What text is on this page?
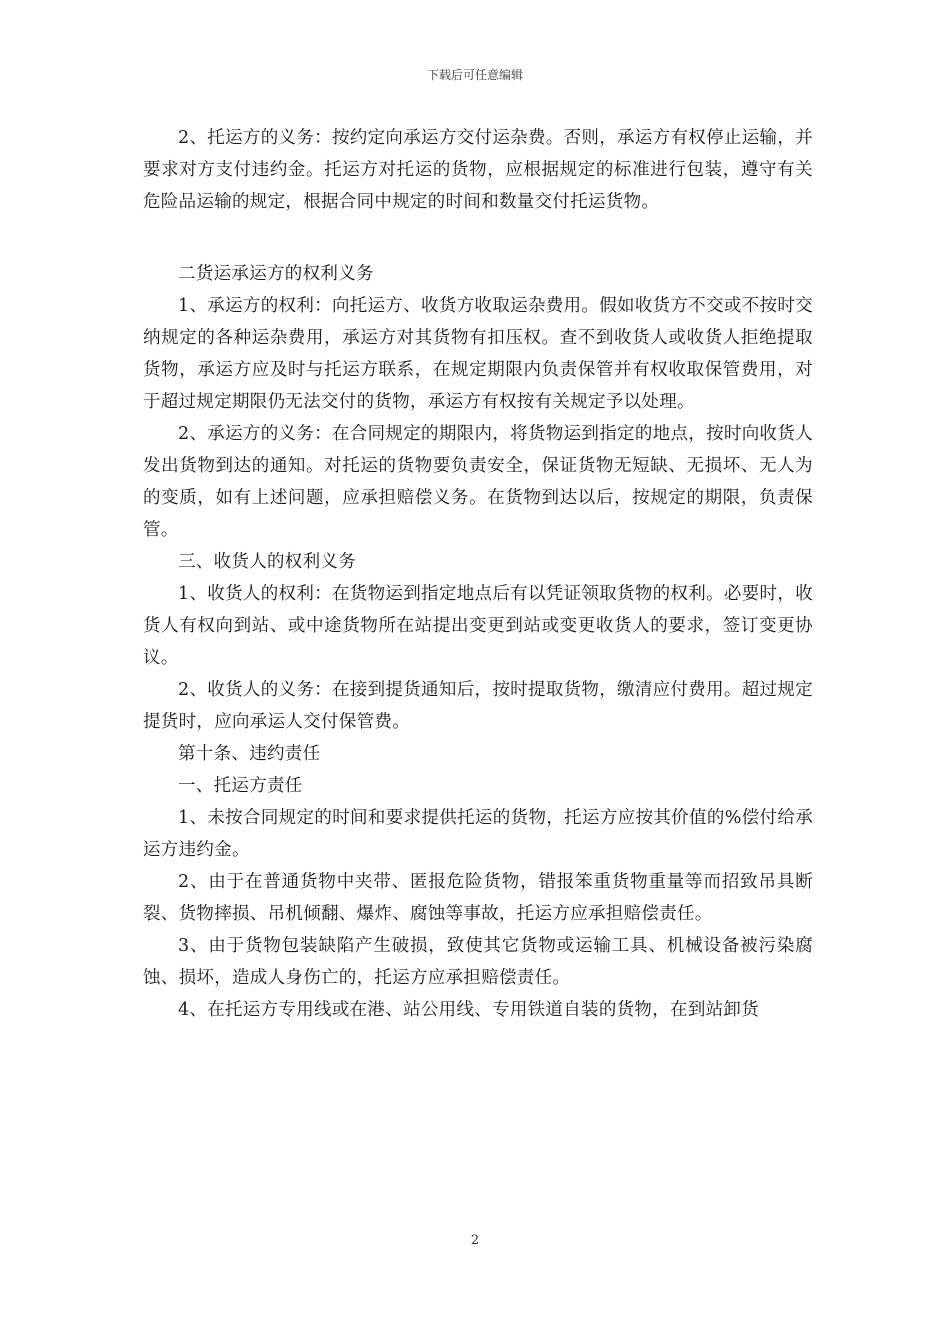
下载后可任意编辑

2、托运方的义务：按约定向承运方交付运杂费。否则，承运方有权停止运输，并要求对方支付违约金。托运方对托运的货物，应根据规定的标准进行包装，遵守有关危险品运输的规定，根据合同中规定的时间和数量交付托运货物。

二货运承运方的权利义务

1、承运方的权利：向托运方、收货方收取运杂费用。假如收货方不交或不按时交纳规定的各种运杂费用，承运方对其货物有扣压权。查不到收货人或收货人拒绝提取货物，承运方应及时与托运方联系，在规定期限内负责保管并有权收取保管费用，对于超过规定期限仍无法交付的货物，承运方有权按有关规定予以处理。

2、承运方的义务：在合同规定的期限内，将货物运到指定的地点，按时向收货人发出货物到达的通知。对托运的货物要负责安全，保证货物无短缺、无损坏、无人为的变质，如有上述问题，应承担赔偿义务。在货物到达以后，按规定的期限，负责保管。

三、收货人的权利义务

1、收货人的权利：在货物运到指定地点后有以凭证领取货物的权利。必要时，收货人有权向到站、或中途货物所在站提出变更到站或变更收货人的要求，签订变更协议。

2、收货人的义务：在接到提货通知后，按时提取货物，缴清应付费用。超过规定提货时，应向承运人交付保管费。

第十条、违约责任

一、托运方责任

1、未按合同规定的时间和要求提供托运的货物，托运方应按其价值的%偿付给承运方违约金。

2、由于在普通货物中夹带、匿报危险货物，错报笨重货物重量等而招致吊具断裂、货物摔损、吊机倾翻、爆炸、腐蚀等事故，托运方应承担赔偿责任。

3、由于货物包装缺陷产生破损，致使其它货物或运输工具、机械设备被污染腐蚀、损坏，造成人身伤亡的，托运方应承担赔偿责任。

4、在托运方专用线或在港、站公用线、专用铁道自装的货物，在到站卸货

2
